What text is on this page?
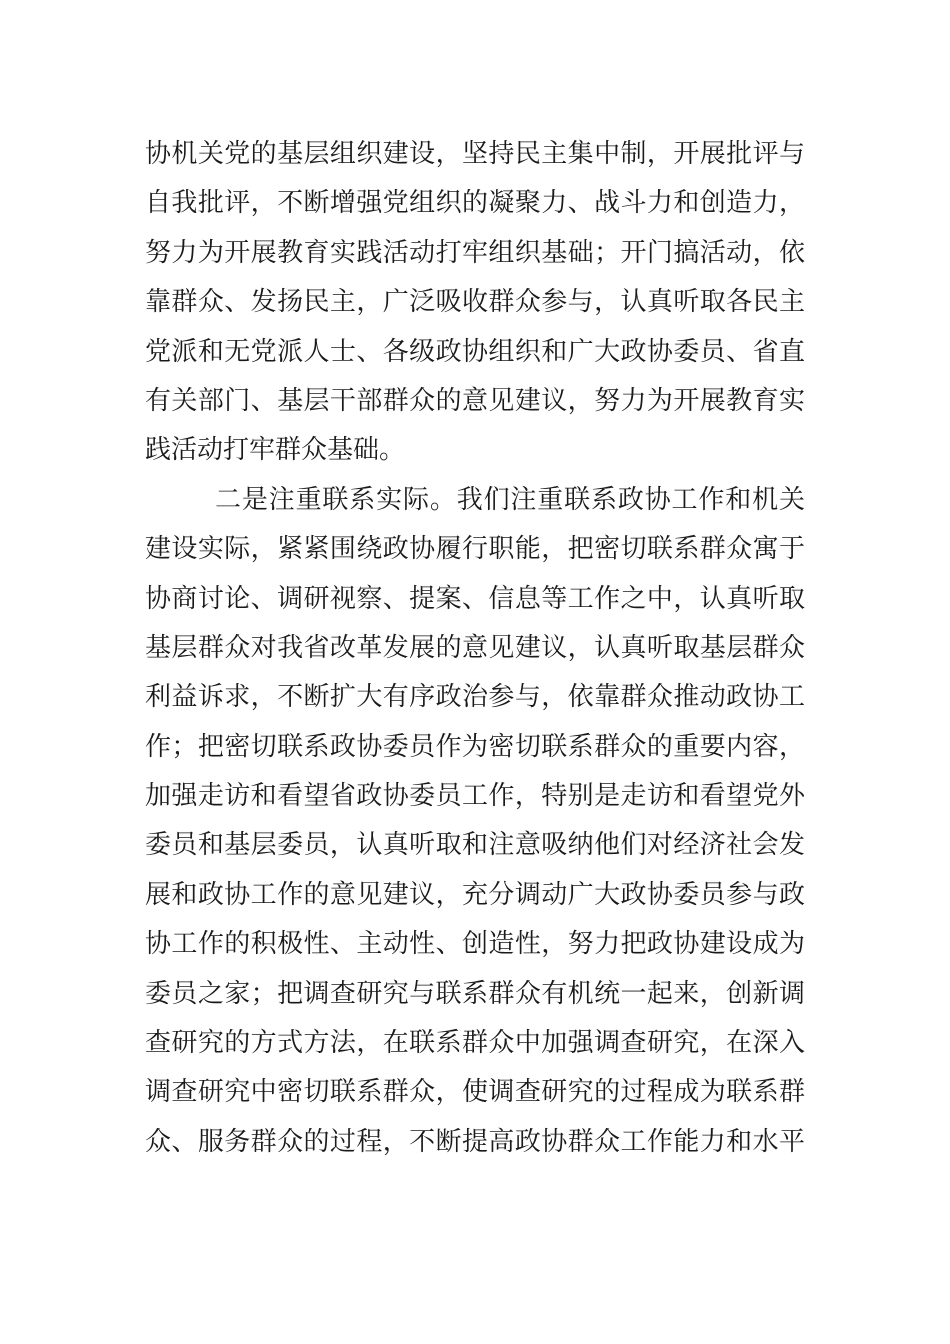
协机关党的基层组织建设，坚持民主集中制，开展批评与
自我批评，不断增强党组织的凝聚力、战斗力和创造力，
努力为开展教育实践活动打牢组织基础；开门搞活动，依
靠群众、发扬民主，广泛吸收群众参与，认真听取各民主
党派和无党派人士、各级政协组织和广大政协委员、省直
有关部门、基层干部群众的意见建议，努力为开展教育实
践活动打牢群众基础。
二是注重联系实际。我们注重联系政协工作和机关
建设实际，紧紧围绕政协履行职能，把密切联系群众寓于
协商讨论、调研视察、提案、信息等工作之中，认真听取
基层群众对我省改革发展的意见建议，认真听取基层群众
利益诉求，不断扩大有序政治参与，依靠群众推动政协工
作；把密切联系政协委员作为密切联系群众的重要内容，
加强走访和看望省政协委员工作，特别是走访和看望党外
委员和基层委员，认真听取和注意吸纳他们对经济社会发
展和政协工作的意见建议，充分调动广大政协委员参与政
协工作的积极性、主动性、创造性，努力把政协建设成为
委员之家；把调查研究与联系群众有机统一起来，创新调
查研究的方式方法，在联系群众中加强调查研究，在深入
调查研究中密切联系群众，使调查研究的过程成为联系群
众、服务群众的过程，不断提高政协群众工作能力和水平
